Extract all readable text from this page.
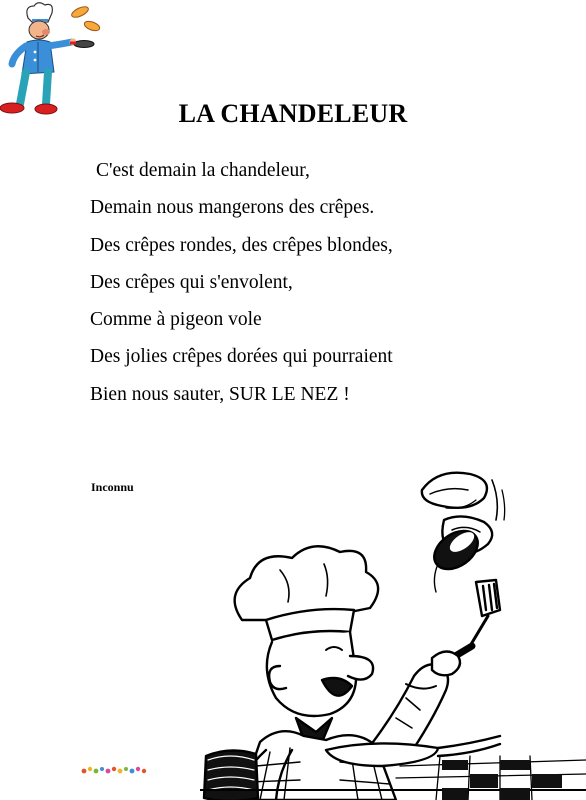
LA CHANDELEUR
C'est demain la chandeleur,
Demain nous mangerons des crêpes.
Des crêpes rondes, des crêpes blondes,
Des crêpes qui s'envolent,
Comme à pigeon vole
Des jolies crêpes dorées qui pourraient
Bien nous sauter, SUR LE NEZ !
Inconnu
